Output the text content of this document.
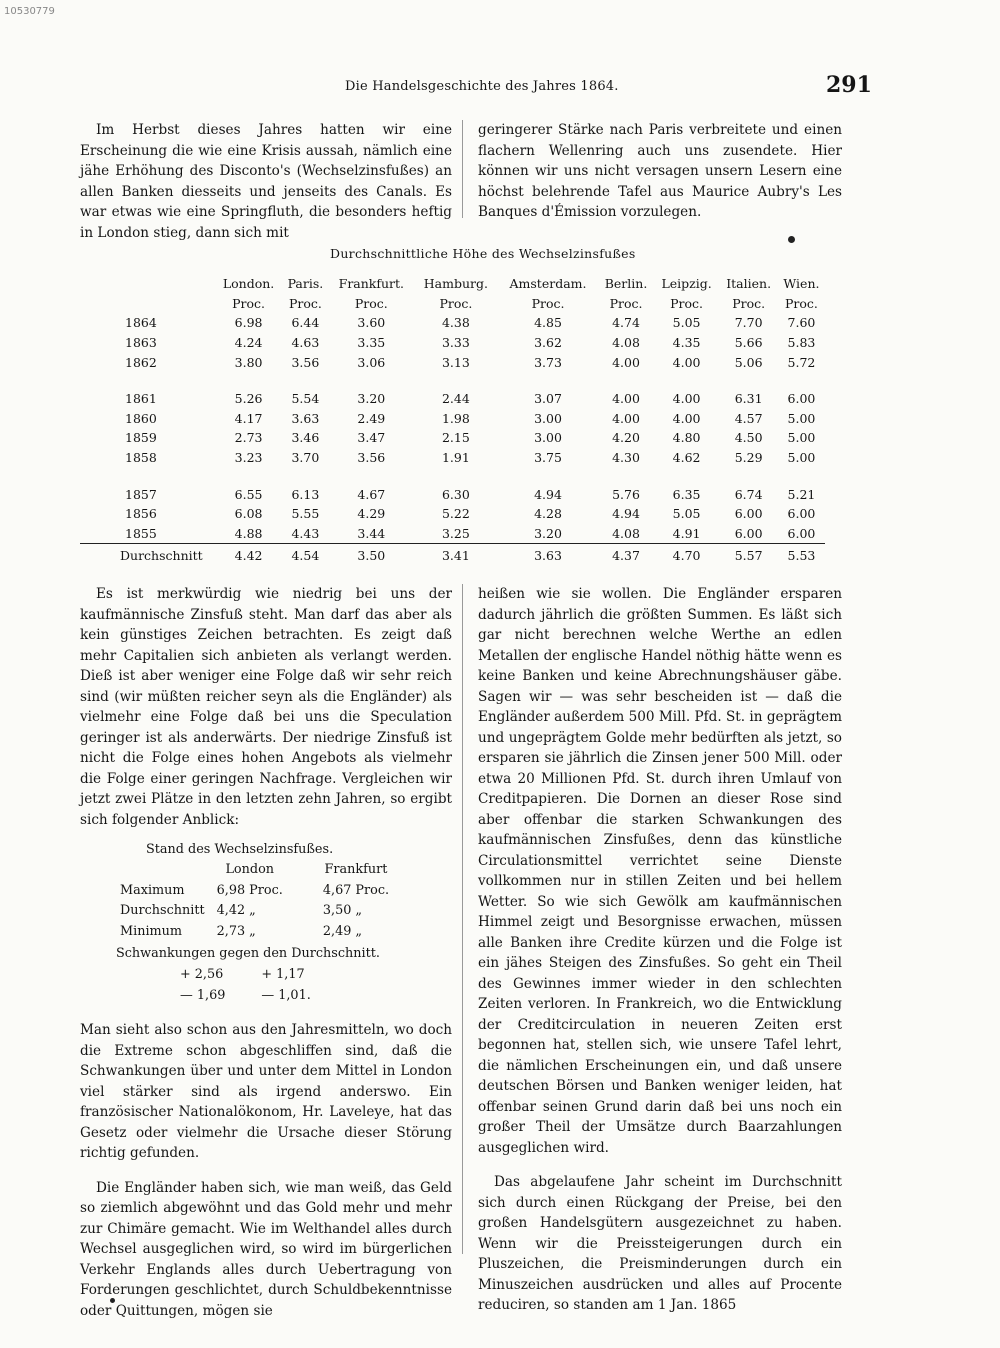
10530779
Die Handelsgeschichte des Jahres 1864.	291

Im Herbst dieses Jahres hatten wir eine Erscheinung die wie eine Krisis aussah, nämlich eine jähe Erhöhung des Disconto's (Wechselzinsfußes) an allen Banken diesseits und jenseits des Canals. Es war etwas wie eine Springfluth, die besonders heftig in London stieg, dann sich mit

geringerer Stärke nach Paris verbreitete und einen flachern Wellenring auch uns zusendete. Hier können wir uns nicht versagen unsern Lesern eine höchst belehrende Tafel aus Maurice Aubry's Les Banques d'Émission vorzulegen.

Durchschnittliche Höhe des Wechselzinsfußes
	London.	Paris.	Frankfurt.	Hamburg.	Amsterdam.	Berlin.	Leipzig.	Italien.	Wien.
	Proc.	Proc.	Proc.	Proc.	Proc.	Proc.	Proc.	Proc.	Proc.
1864	6.98	6.44	3.60	4.38	4.85	4.74	5.05	7.70	7.60
1863	4.24	4.63	3.35	3.33	3.62	4.08	4.35	5.66	5.83
1862	3.80	3.56	3.06	3.13	3.73	4.00	4.00	5.06	5.72

1861	5.26	5.54	3.20	2.44	3.07	4.00	4.00	6.31	6.00
1860	4.17	3.63	2.49	1.98	3.00	4.00	4.00	4.57	5.00
1859	2.73	3.46	3.47	2.15	3.00	4.20	4.80	4.50	5.00
1858	3.23	3.70	3.56	1.91	3.75	4.30	4.62	5.29	5.00

1857	6.55	6.13	4.67	6.30	4.94	5.76	6.35	6.74	5.21
1856	6.08	5.55	4.29	5.22	4.28	4.94	5.05	6.00	6.00
1855	4.88	4.43	3.44	3.25	3.20	4.08	4.91	6.00	6.00
Durchschnitt	4.42	4.54	3.50	3.41	3.63	4.37	4.70	5.57	5.53

Es ist merkwürdig wie niedrig bei uns der kaufmännische Zinsfuß steht. Man darf das aber als kein günstiges Zeichen betrachten. Es zeigt daß mehr Capitalien sich anbieten als verlangt werden. Dieß ist aber weniger eine Folge daß wir sehr reich sind (wir müßten reicher seyn als die Engländer) als vielmehr eine Folge daß bei uns die Speculation geringer ist als anderwärts. Der niedrige Zinsfuß ist nicht die Folge eines hohen Angebots als vielmehr die Folge einer geringen Nachfrage. Vergleichen wir jetzt zwei Plätze in den letzten zehn Jahren, so ergibt sich folgender Anblick:

Stand des Wechselzinsfußes.
	London	Frankfurt
Maximum	6,98 Proc.	4,67 Proc.
Durchschnitt	4,42 „	3,50 „
Minimum	2,73 „	2,49 „
Schwankungen gegen den Durchschnitt.
+ 2,56	+ 1,17
— 1,69	— 1,01.

Man sieht also schon aus den Jahresmitteln, wo doch die Extreme schon abgeschliffen sind, daß die Schwankungen über und unter dem Mittel in London viel stärker sind als irgend anderswo. Ein französischer Nationalökonom, Hr. Laveleye, hat das Gesetz oder vielmehr die Ursache dieser Störung richtig gefunden.

Die Engländer haben sich, wie man weiß, das Geld so ziemlich abgewöhnt und das Gold mehr und mehr zur Chimäre gemacht. Wie im Welthandel alles durch Wechsel ausgeglichen wird, so wird im bürgerlichen Verkehr Englands alles durch Uebertragung von Forderungen geschlichtet, durch Schuldbekenntnisse oder Quittungen, mögen sie

heißen wie sie wollen. Die Engländer ersparen dadurch jährlich die größten Summen. Es läßt sich gar nicht berechnen welche Werthe an edlen Metallen der englische Handel nöthig hätte wenn es keine Banken und keine Abrechnungshäuser gäbe. Sagen wir — was sehr bescheiden ist — daß die Engländer außerdem 500 Mill. Pfd. St. in geprägtem und ungeprägtem Golde mehr bedürften als jetzt, so ersparen sie jährlich die Zinsen jener 500 Mill. oder etwa 20 Millionen Pfd. St. durch ihren Umlauf von Creditpapieren. Die Dornen an dieser Rose sind aber offenbar die starken Schwankungen des kaufmännischen Zinsfußes, denn das künstliche Circulationsmittel verrichtet seine Dienste vollkommen nur in stillen Zeiten und bei hellem Wetter. So wie sich Gewölk am kaufmännischen Himmel zeigt und Besorgnisse erwachen, müssen alle Banken ihre Credite kürzen und die Folge ist ein jähes Steigen des Zinsfußes. So geht ein Theil des Gewinnes immer wieder in den schlechten Zeiten verloren. In Frankreich, wo die Entwicklung der Creditcirculation in neueren Zeiten erst begonnen hat, stellen sich, wie unsere Tafel lehrt, die nämlichen Erscheinungen ein, und daß unsere deutschen Börsen und Banken weniger leiden, hat offenbar seinen Grund darin daß bei uns noch ein großer Theil der Umsätze durch Baarzahlungen ausgeglichen wird.

Das abgelaufene Jahr scheint im Durchschnitt sich durch einen Rückgang der Preise, bei den großen Handelsgütern ausgezeichnet zu haben. Wenn wir die Preissteigerungen durch ein Pluszeichen, die Preisminderungen durch ein Minuszeichen ausdrücken und alles auf Procente reduciren, so standen am 1 Jan. 1865
